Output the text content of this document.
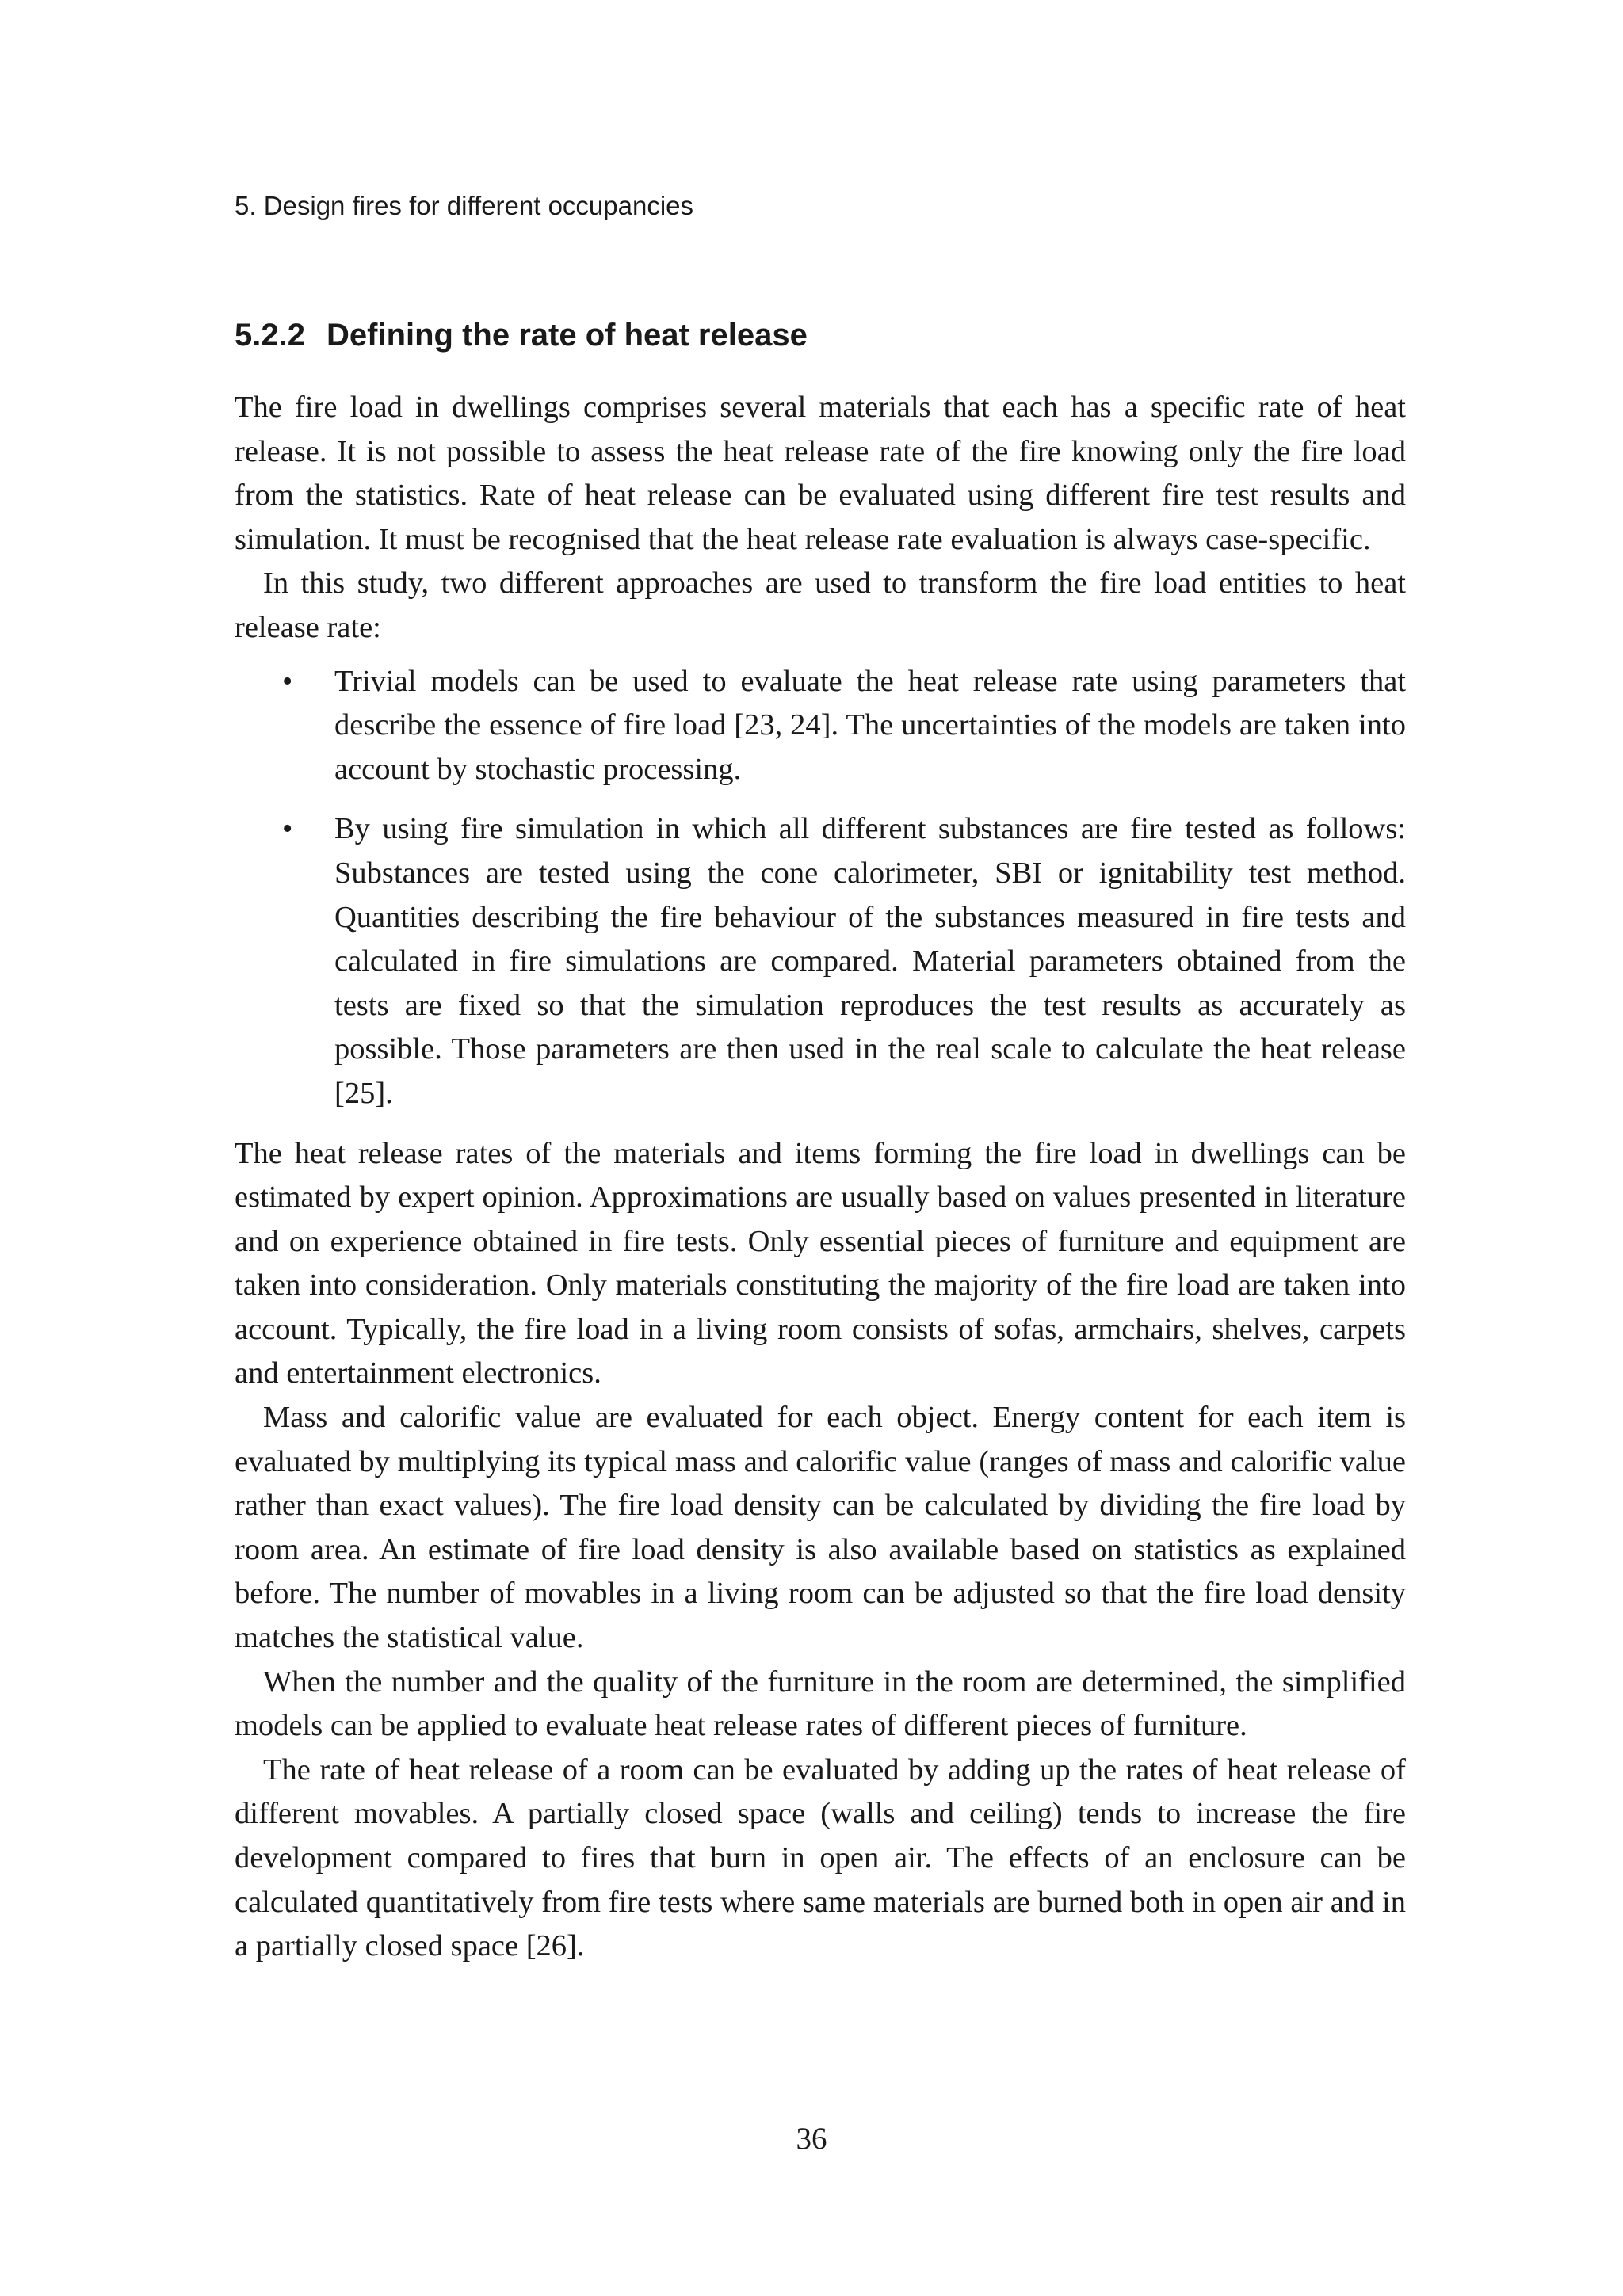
5. Design fires for different occupancies
5.2.2 Defining the rate of heat release

The fire load in dwellings comprises several materials that each has a specific rate of heat release. It is not possible to assess the heat release rate of the fire knowing only the fire load from the statistics. Rate of heat release can be evaluated using different fire test results and simulation. It must be recognised that the heat release rate evaluation is always case-specific.

In this study, two different approaches are used to transform the fire load entities to heat release rate:

• Trivial models can be used to evaluate the heat release rate using parameters that describe the essence of fire load [23, 24]. The uncertainties of the models are taken into account by stochastic processing.
• By using fire simulation in which all different substances are fire tested as follows: Substances are tested using the cone calorimeter, SBI or ignitability test method. Quantities describing the fire behaviour of the substances measured in fire tests and calculated in fire simulations are compared. Material parameters obtained from the tests are fixed so that the simulation reproduces the test results as accurately as possible. Those parameters are then used in the real scale to calculate the heat release [25].

The heat release rates of the materials and items forming the fire load in dwellings can be estimated by expert opinion. Approximations are usually based on values presented in literature and on experience obtained in fire tests. Only essential pieces of furniture and equipment are taken into consideration. Only materials constituting the majority of the fire load are taken into account. Typically, the fire load in a living room consists of sofas, armchairs, shelves, carpets and entertainment electronics.

Mass and calorific value are evaluated for each object. Energy content for each item is evaluated by multiplying its typical mass and calorific value (ranges of mass and calorific value rather than exact values). The fire load density can be calculated by dividing the fire load by room area. An estimate of fire load density is also available based on statistics as explained before. The number of movables in a living room can be adjusted so that the fire load density matches the statistical value.

When the number and the quality of the furniture in the room are determined, the simplified models can be applied to evaluate heat release rates of different pieces of furniture.

The rate of heat release of a room can be evaluated by adding up the rates of heat release of different movables. A partially closed space (walls and ceiling) tends to increase the fire development compared to fires that burn in open air. The effects of an enclosure can be calculated quantitatively from fire tests where same materials are burned both in open air and in a partially closed space [26].

36
